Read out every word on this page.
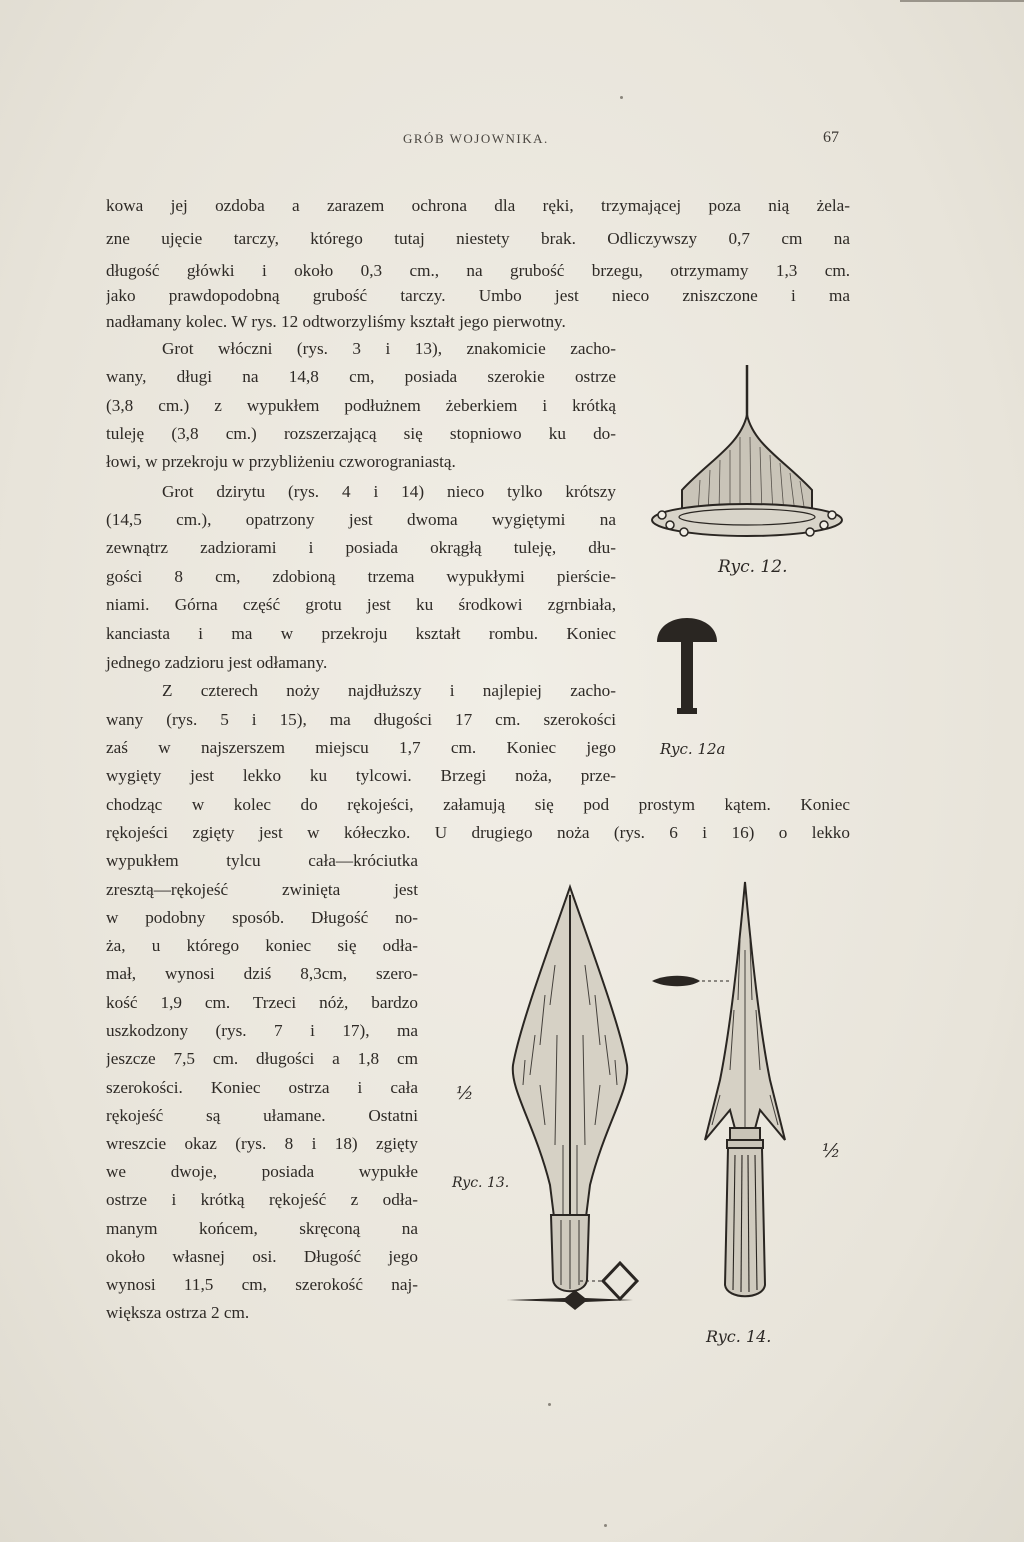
GRÓB WOJOWNIKA.	67
kowa jej ozdoba a zarazem ochrona dla ręki, trzymającej poza nią żela-
zne ujęcie tarczy, którego tutaj niestety brak. Odliczywszy 0,7 cm na
długość główki i około 0,3 cm., na grubość brzegu, otrzymamy 1,3 cm.
jako prawdopodobną grubość tarczy. Umbo jest nieco zniszczone i ma
nadłamany kolec. W rys. 12 odtworzyliśmy kształt jego pierwotny.
Grot włóczni (rys. 3 i 13), znakomicie zacho-
wany, długi na 14,8 cm, posiada szerokie ostrze
(3,8 cm.) z wypukłem podłużnem żeberkiem i krótką
tuleję (3,8 cm.) rozszerzającą się stopniowo ku do-
łowi, w przekroju w przybliżeniu czworograniastą.
Grot dzirytu (rys. 4 i 14) nieco tylko krótszy
(14,5 cm.), opatrzony jest dwoma wygiętymi na
zewnątrz zadziorami i posiada okrągłą tuleję, dłu-
gości 8 cm, zdobioną trzema wypukłymi pierście-
niami. Górna część grotu jest ku środkowi zgrnbiała,
kanciasta i ma w przekroju kształt rombu. Koniec
jednego zadzioru jest odłamany.
Z czterech noży najdłuższy i najlepiej zacho-
wany (rys. 5 i 15), ma długości 17 cm. szerokości
zaś w najszerszem miejscu 1,7 cm. Koniec jego
wygięty jest lekko ku tylcowi. Brzegi noża, prze-
chodząc w kolec do rękojeści, załamują się pod prostym kątem. Koniec
rękojeści zgięty jest w kółeczko. U drugiego noża (rys. 6 i 16) o lekko
wypukłem tylcu cała—króciutka
zresztą—rękojeść zwinięta jest
w podobny sposób. Długość no-
ża, u którego koniec się odła-
mał, wynosi dziś 8,3cm, szero-
kość 1,9 cm. Trzeci nóż, bardzo
uszkodzony (rys. 7 i 17), ma
jeszcze 7,5 cm. długości a 1,8 cm
szerokości. Koniec ostrza i cała
rękojeść są ułamane. Ostatni
wreszcie okaz (rys. 8 i 18) zgięty
we dwoje, posiada wypukłe
ostrze i krótką rękojeść z odła-
manym końcem, skręconą na
około własnej osi. Długość jego
wynosi 11,5 cm, szerokość naj-
większa ostrza 2 cm.
Ryc. 12.
Ryc. 12a
½
Ryc. 13.
½
Ryc. 14.
